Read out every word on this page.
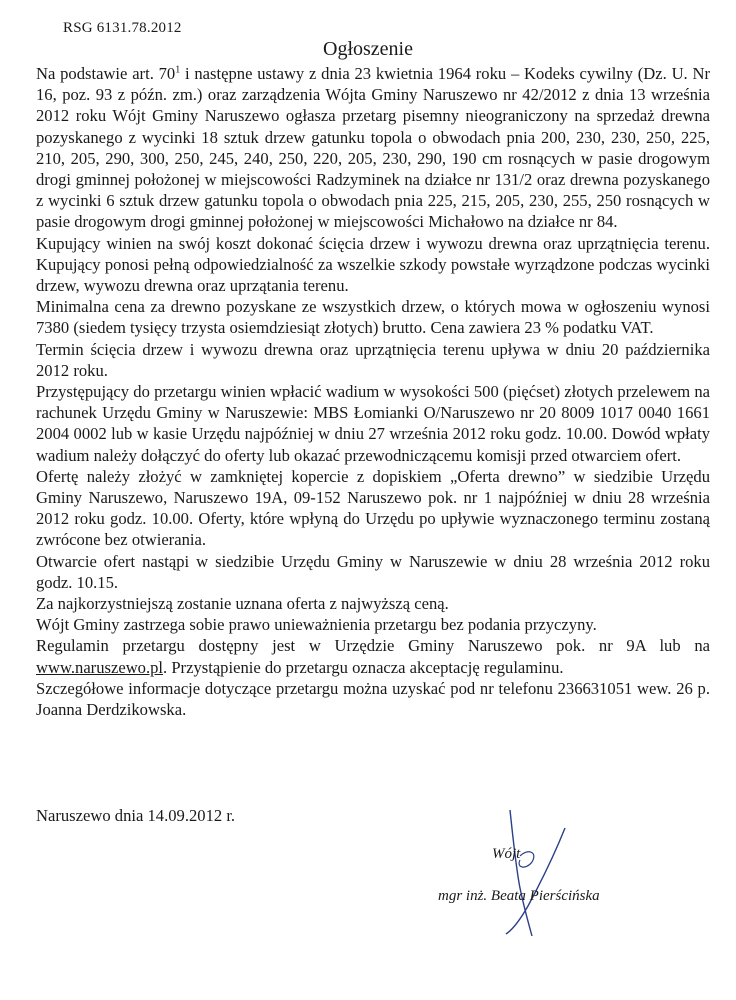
RSG 6131.78.2012
Ogłoszenie

Na podstawie art. $70^1$ i następne ustawy z dnia 23 kwietnia 1964 roku – Kodeks cywilny (Dz. U. Nr 16, poz. 93 z późn. zm.) oraz zarządzenia Wójta Gminy Naruszewo nr 42/2012 z dnia 13 września 2012 roku Wójt Gminy Naruszewo ogłasza przetarg pisemny nieograniczony na sprzedaż drewna pozyskanego z wycinki 18 sztuk drzew gatunku topola o obwodach pnia 200, 230, 230, 250, 225, 210, 205, 290, 300, 250, 245, 240, 250, 220, 205, 230, 290, 190 cm rosnących w pasie drogowym drogi gminnej położonej w miejscowości Radzyminek na działce nr 131/2 oraz drewna pozyskanego z wycinki 6 sztuk drzew gatunku topola o obwodach pnia 225, 215, 205, 230, 255, 250 rosnących w pasie drogowym drogi gminnej położonej w miejscowości Michałowo na działce nr 84.

Kupujący winien na swój koszt dokonać ścięcia drzew i wywozu drewna oraz uprzątnięcia terenu. Kupujący ponosi pełną odpowiedzialność za wszelkie szkody powstałe wyrządzone podczas wycinki drzew, wywozu drewna oraz uprzątania terenu.

Minimalna cena za drewno pozyskane ze wszystkich drzew, o których mowa w ogłoszeniu wynosi 7380 (siedem tysięcy trzysta osiemdziesiąt złotych) brutto. Cena zawiera 23 % podatku VAT.

Termin ścięcia drzew i wywozu drewna oraz uprzątnięcia terenu upływa w dniu 20 października 2012 roku.

Przystępujący do przetargu winien wpłacić wadium w wysokości 500 (pięćset) złotych przelewem na rachunek Urzędu Gminy w Naruszewie: MBS Łomianki O/Naruszewo nr 20 8009 1017 0040 1661 2004 0002 lub w kasie Urzędu najpóźniej w dniu 27 września 2012 roku godz. 10.00. Dowód wpłaty wadium należy dołączyć do oferty lub okazać przewodniczącemu komisji przed otwarciem ofert.

Ofertę należy złożyć w zamkniętej kopercie z dopiskiem „Oferta drewno” w siedzibie Urzędu Gminy Naruszewo, Naruszewo 19A, 09-152 Naruszewo pok. nr 1 najpóźniej w dniu 28 września 2012 roku godz. 10.00. Oferty, które wpłyną do Urzędu po upływie wyznaczonego terminu zostaną zwrócone bez otwierania.

Otwarcie ofert nastąpi w siedzibie Urzędu Gminy w Naruszewie w dniu 28 września 2012 roku godz. 10.15.

Za najkorzystniejszą zostanie uznana oferta z najwyższą ceną.

Wójt Gminy zastrzega sobie prawo unieważnienia przetargu bez podania przyczyny.

Regulamin przetargu dostępny jest w Urzędzie Gminy Naruszewo pok. nr 9A lub na www.naruszewo.pl. Przystąpienie do przetargu oznacza akceptację regulaminu.

Szczegółowe informacje dotyczące przetargu można uzyskać pod nr telefonu 236631051 wew. 26 p. Joanna Derdzikowska.

Naruszewo dnia 14.09.2012 r.
Wójt
mgr inż. Beata Pierścińska
